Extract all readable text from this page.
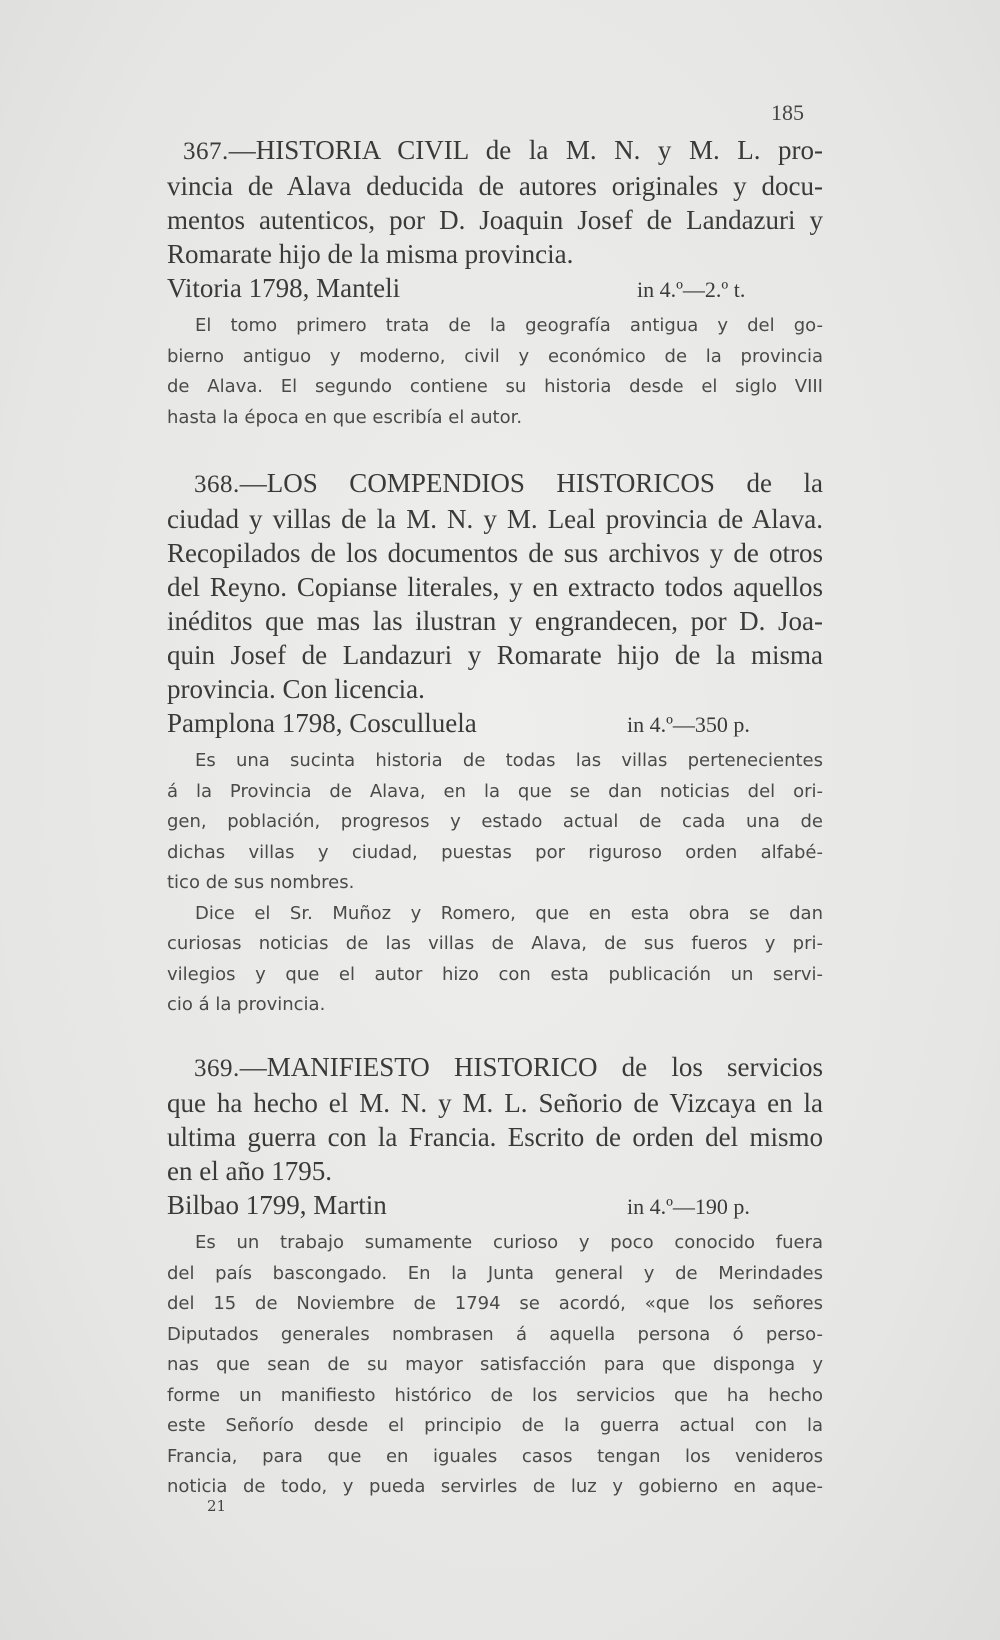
185
367.—HISTORIA CIVIL de la M. N. y M. L. pro-
vincia de Alava deducida de autores originales y docu-
mentos autenticos, por D. Joaquin Josef de Landazuri y
Romarate hijo de la misma provincia.
Vitoria 1798, Manteli	in 4.º—2.º t.
El tomo primero trata de la geografía antigua y del go-
bierno antiguo y moderno, civil y económico de la provincia
de Alava. El segundo contiene su historia desde el siglo VIII
hasta la época en que escribía el autor.
368.—LOS COMPENDIOS HISTORICOS de la
ciudad y villas de la M. N. y M. Leal provincia de Alava.
Recopilados de los documentos de sus archivos y de otros
del Reyno. Copianse literales, y en extracto todos aquellos
inéditos que mas las ilustran y engrandecen, por D. Joa-
quin Josef de Landazuri y Romarate hijo de la misma
provincia. Con licencia.
Pamplona 1798, Cosculluela	in 4.º—350 p.
Es una sucinta historia de todas las villas pertenecientes
á la Provincia de Alava, en la que se dan noticias del ori-
gen, población, progresos y estado actual de cada una de
dichas villas y ciudad, puestas por riguroso orden alfabé-
tico de sus nombres.
Dice el Sr. Muñoz y Romero, que en esta obra se dan
curiosas noticias de las villas de Alava, de sus fueros y pri-
vilegios y que el autor hizo con esta publicación un servi-
cio á la provincia.
369.—MANIFIESTO HISTORICO de los servicios
que ha hecho el M. N. y M. L. Señorio de Vizcaya en la
ultima guerra con la Francia. Escrito de orden del mismo
en el año 1795.
Bilbao 1799, Martin	in 4.º—190 p.
Es un trabajo sumamente curioso y poco conocido fuera
del país bascongado. En la Junta general y de Merindades
del 15 de Noviembre de 1794 se acordó, «que los señores
Diputados generales nombrasen á aquella persona ó perso-
nas que sean de su mayor satisfacción para que disponga y
forme un manifiesto histórico de los servicios que ha hecho
este Señorío desde el principio de la guerra actual con la
Francia, para que en iguales casos tengan los venideros
noticia de todo, y pueda servirles de luz y gobierno en aque-
21
